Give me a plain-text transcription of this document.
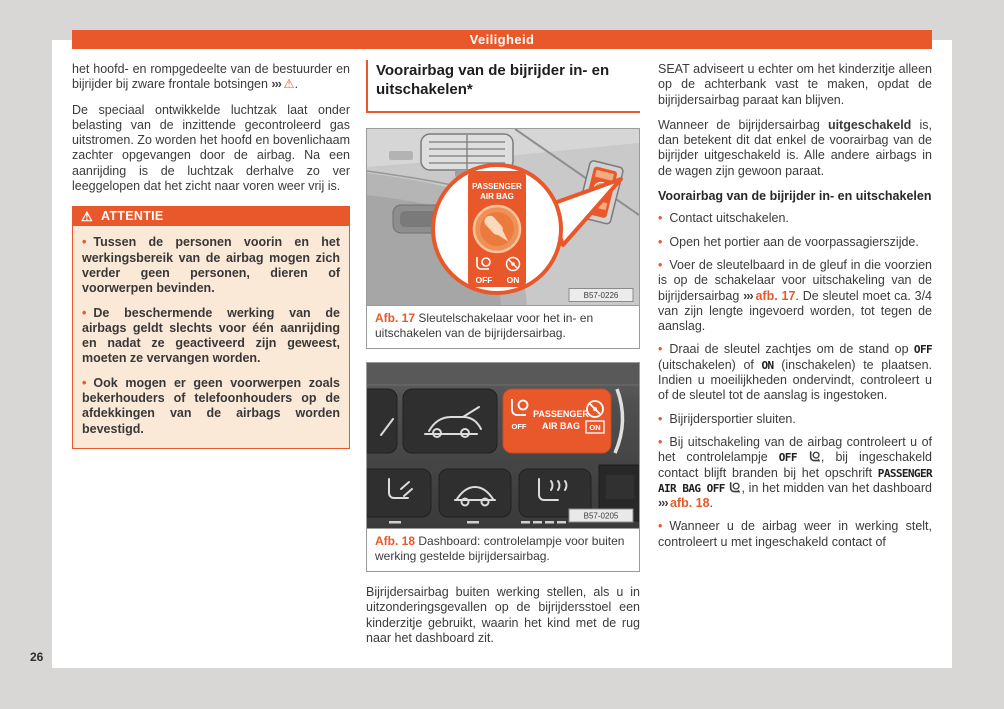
Veiligheid
26

het hoofd- en rompgedeelte van de bestuurder en bijrijder bij zware frontale botsingen ››› ⚠.

De speciaal ontwikkelde luchtzak laat onder belasting van de inzittende gecontroleerd gas uitstromen. Zo worden het hoofd en bovenlichaam zachter opgevangen door de airbag. Na een aanrijding is de luchtzak derhalve zo ver leeggelopen dat het zicht naar voren weer vrij is.

⚠ ATTENTIE

• Tussen de personen voorin en het werkingsbereik van de airbag mogen zich verder geen personen, dieren of voorwerpen bevinden.

• De beschermende werking van de airbags geldt slechts voor één aanrijding en nadat ze geactiveerd zijn geweest, moeten ze vervangen worden.

• Ook mogen er geen voorwerpen zoals bekerhouders of telefoonhouders op de afdekkingen van de airbags worden bevestigd.

Voorairbag van de bijrijder in- en uitschakelen*
PASSENGER
AIR BAG
OFF ON
B57-0226
Afb. 17 Sleutelschakelaar voor het in- en uitschakelen van de bijrijdersairbag.
OFF
PASSENGER
AIR BAG ON
B57-0205
Afb. 18 Dashboard: controlelampje voor buiten werking gestelde bijrijdersairbag.

Bijrijdersairbag buiten werking stellen, als u in uitzonderingsgevallen op de bijrijdersstoel een kinderzitje gebruikt, waarin het kind met de rug naar het dashboard zit.

SEAT adviseert u echter om het kinderzitje alleen op de achterbank vast te maken, opdat de bijrijdersairbag paraat kan blijven.

Wanneer de bijrijdersairbag uitgeschakeld is, dan betekent dit dat enkel de voorairbag van de bijrijder uitgeschakeld is. Alle andere airbags in de wagen zijn gewoon paraat.

Voorairbag van de bijrijder in- en uitschakelen

• Contact uitschakelen.

• Open het portier aan de voorpassagierszijde.

• Voer de sleutelbaard in de gleuf in die voorzien is op de schakelaar voor uitschakeling van de bijrijdersairbag ››› afb. 17. De sleutel moet ca. 3/4 van zijn lengte ingevoerd worden, tot tegen de aanslag.

• Draai de sleutel zachtjes om de stand op OFF (uitschakelen) of ON (inschakelen) te plaatsen. Indien u moeilijkheden ondervindt, controleert u of de sleutel tot de aanslag is ingestoken.

• Bijrijdersportier sluiten.

• Bij uitschakeling van de airbag controleert u of het controlelampje OFF , bij ingeschakeld contact blijft branden bij het opschrift PASSENGER AIR BAG OFF , in het midden van het dashboard ››› afb. 18.

• Wanneer u de airbag weer in werking stelt, controleert u met ingeschakeld contact of
